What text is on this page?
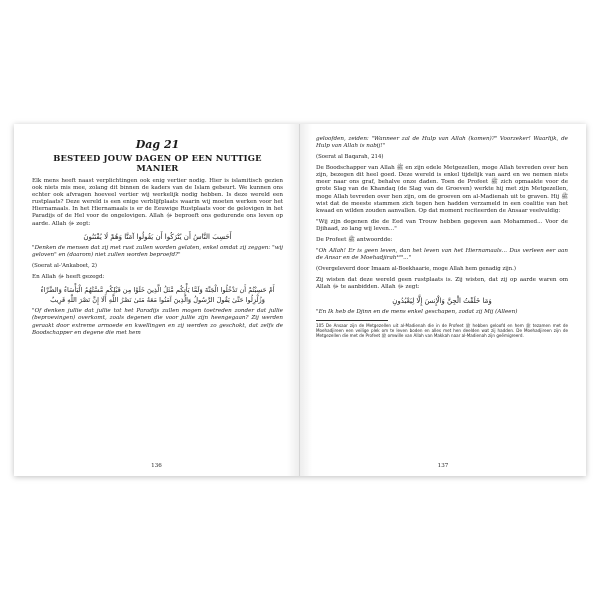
Dag 21
BESTEED JOUW DAGEN OP EEN NUTTIGE MANIER

Elk mens heeft naast verplichtingen ook enig vertier nodig. Hier is islamitisch gezien ook niets mis mee, zolang dit binnen de kaders van de Islam gebeurt. We kunnen ons echter ook afvragen hoeveel vertier wij werkelijk nodig hebben. Is deze wereld een rustplaats? Deze wereld is een enige verblijfplaats waarin wij moeten werken voor het Hiernamaals. In het Hiernamaals is er de Eeuwige Rustplaats voor de gelovigen in het Paradijs of de Hel voor de ongelovigen. Allah ﷻ beproeft ons gedurende ons leven op aarde. Allah ﷻ zegt:

أَحَسِبَ النَّاسُ أَن يُتْرَكُوا أَن يَقُولُوا آمَنَّا وَهُمْ لَا يُفْتَنُونَ

"Denken de mensen dat zij met rust zullen worden gelaten, enkel omdat zij zeggen: "wij geloven" en (daarom) niet zullen worden beproefd?"

(Soerat al-'Ankaboet, 2)

En Allah ﷻ heeft gezegd:

أَمْ حَسِبْتُمْ أَن تَدْخُلُوا الْجَنَّةَ وَلَمَّا يَأْتِكُم مَّثَلُ الَّذِينَ خَلَوْا مِن قَبْلِكُم مَّسَّتْهُمُ الْبَأْسَاءُ وَالضَّرَّاءُ وَزُلْزِلُوا حَتَّىٰ يَقُولَ الرَّسُولُ وَالَّذِينَ آمَنُوا مَعَهُ مَتَىٰ نَصْرُ اللَّهِ أَلَا إِنَّ نَصْرَ اللَّهِ قَرِيبٌ

"Of denken jullie dat jullie tot het Paradijs zullen mogen toetreden zonder dat jullie (beproevingen) overkomt, zoals degenen die voor jullie zijn heengegaan? Zij werden geraakt door extreme armoede en kwellingen en zij werden zo geschokt, dat zelfs de Boodschapper en degene die met hem

136

geloofden, zeiden: "Wanneer zal de Hulp van Allah (komen)?" Voorzeker! Waarlijk, de Hulp van Allah is nabij!"

(Soerat al Baqarah, 214)

De Boodschapper van Allah ﷺ en zijn edele Metgezellen, moge Allah tevreden over hen zijn, bezegen dit heel goed. Deze wereld is enkel tijdelijk van aard en we nemen niets meer naar ons graf, behalve onze daden. Toen de Profeet ﷺ zich opmaakte voor de grote Slag van de Khandaq (de Slag van de Groeven) werkte hij met zijn Metgezellen, moge Allah tevreden over hen zijn, om de groeven om al-Madienah uit te graven. Hij ﷺ wist dat de meeste stammen zich tegen hen hadden verzameld in een coalitie van het kwaad en wilden zouden aanvallen. Op dat moment reciteerden de Ansaar veelvuldig:

"Wij zijn degenen die de Eed van Trouw hebben gegeven aan Mohammed... Voor de Djihaad, zo lang wij leven..."

De Profeet ﷺ antwoordde:

"Oh Allah! Er is geen leven, dan het leven van het Hiernamaals... Dus verleen eer aan de Ansar en de Moehadjirah¹⁰⁵..."

(Overgeleverd door Imaam al-Boekhaarie, moge Allah hem genadig zijn.)

Zij wisten dat deze wereld geen rustplaats is. Zij wisten, dat zij op aarde waren om Allah ﷻ te aanbidden. Allah ﷻ zegt:

وَمَا خَلَقْتُ الْجِنَّ وَالْإِنسَ إِلَّا لِيَعْبُدُونِ

"En Ik heb de Djinn en de mens enkel geschapen, zodat zij Mij (Alleen)

105 De Ansaar zijn de Metgezellen uit al-Madienah die in de Profeet ﷺ hebben geloofd en hem ﷺ tezamen met de Moehadjireen een veilige plek om te leven boden en alles met hen deelden wat zij hadden. De Moehadjireen zijn de Metgezellen die met de Profeet ﷺ omwille van Allah van Makkah naar al-Madienah zijn geëmigreerd.
137
